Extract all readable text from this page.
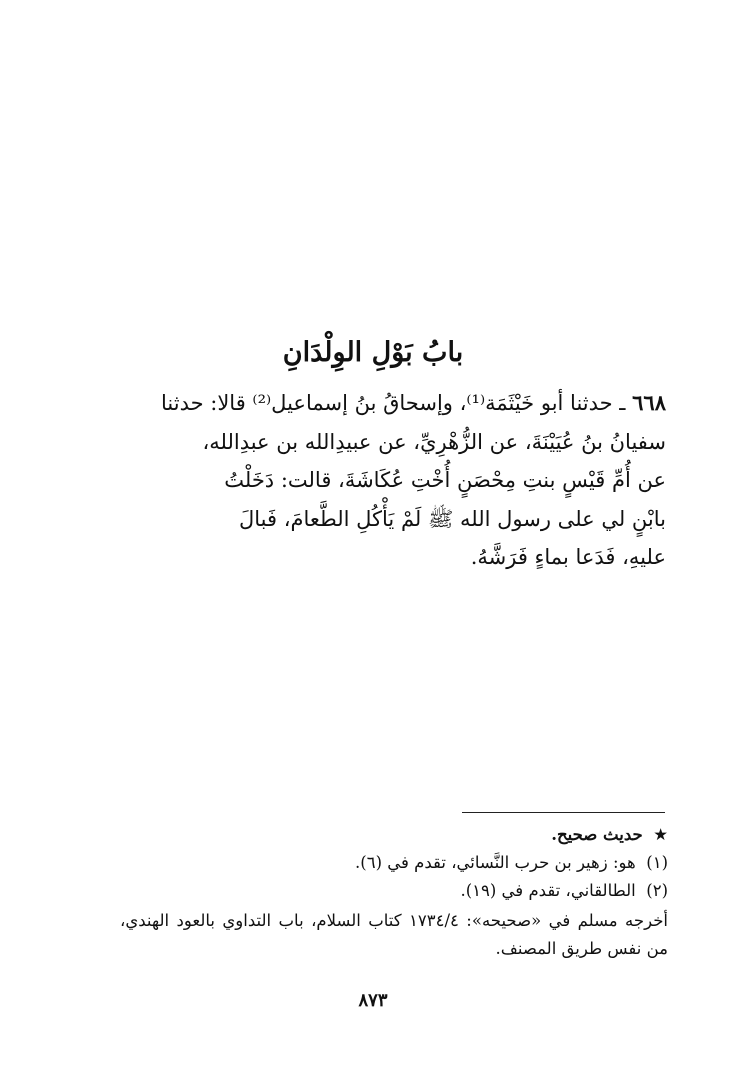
بابُ بَوْلِ الوِلْدَانِ

٦٦٨ ـ حدثنا أبو خَيْثَمَة⁽¹⁾، وإسحاقُ بنُ إسماعيل⁽²⁾ قالا: حدثنا

سفيانُ بنُ عُيَيْنَةَ، عن الزُّهْرِيِّ، عن عبيدِالله بن عبدِالله،

عن أُمِّ قَيْسٍ بنتِ مِحْصَنٍ أُخْتِ عُكَاشَةَ، قالت: دَخَلْتُ

بابْنٍ لي على رسول الله ﷺ لَمْ يَأْكُلِ الطَّعامَ، فَبالَ

عليهِ، فَدَعا بماءٍ فَرَشَّهُ.

★  حديث صحيح.

(١)  هو: زهير بن حرب النَّسائي، تقدم في (٦).

(٢)  الطالقاني، تقدم في (١٩).

أخرجه مسلم في «صحيحه»: ١٧٣٤/٤ كتاب السلام، باب التداوي بالعود الهندي، من نفس طريق المصنف.

٨٧٣
